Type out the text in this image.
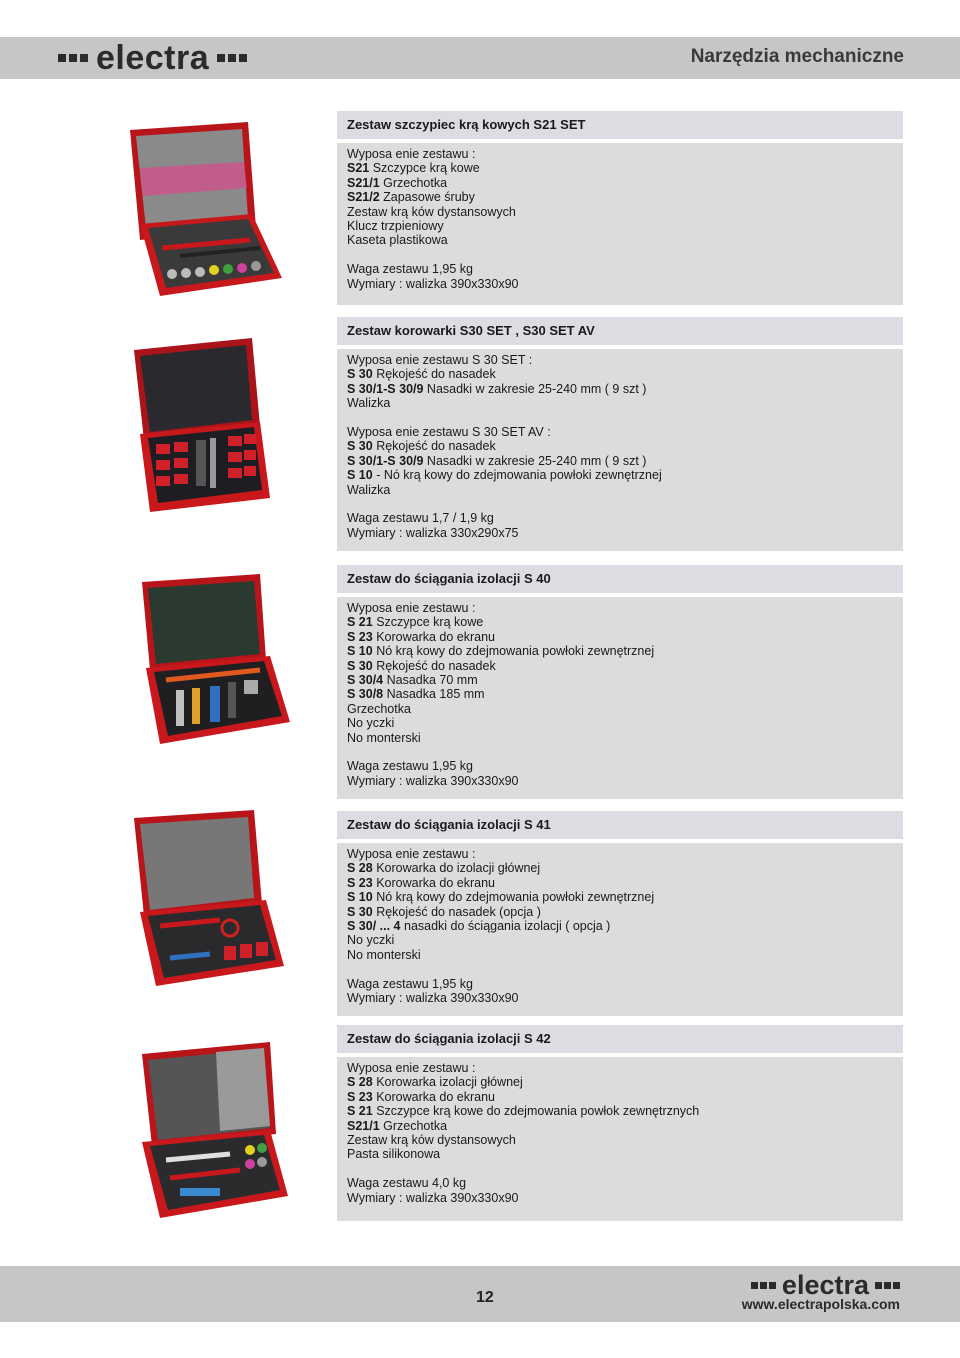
electra	Narzędzia mechaniczne
Zestaw szczypiec krą kowych S21 SET
Wyposa enie zestawu :
S21 Szczypce krą kowe
S21/1 Grzechotka
S21/2 Zapasowe śruby
Zestaw krą ków dystansowych
Klucz trzpieniowy
Kaseta plastikowa
Waga zestawu 1,95 kg
Wymiary : walizka 390x330x90
Zestaw korowarki S30 SET , S30 SET AV
Wyposa enie zestawu S 30 SET :
S 30 Rękojeść do nasadek
S 30/1-S 30/9 Nasadki w zakresie 25-240 mm ( 9 szt )
Walizka
Wyposa enie zestawu S 30 SET AV :
S 30 Rękojeść do nasadek
S 30/1-S 30/9 Nasadki w zakresie 25-240 mm ( 9 szt )
S 10 - Nó krą kowy do zdejmowania powłoki zewnętrznej
Walizka
Waga zestawu 1,7 / 1,9 kg
Wymiary : walizka 330x290x75
Zestaw do ściągania izolacji S 40
Wyposa enie zestawu :
S 21 Szczypce krą kowe
S 23 Korowarka do ekranu
S 10 Nó krą kowy do zdejmowania powłoki zewnętrznej
S 30 Rękojeść do nasadek
S 30/4 Nasadka 70 mm
S 30/8 Nasadka 185 mm
Grzechotka
No yczki
No monterski
Waga zestawu 1,95 kg
Wymiary : walizka 390x330x90
Zestaw do ściągania izolacji S 41
Wyposa enie zestawu :
S 28 Korowarka do izolacji głównej
S 23 Korowarka do ekranu
S 10 Nó krą kowy do zdejmowania powłoki zewnętrznej
S 30 Rękojeść do nasadek (opcja )
S 30/ ... 4 nasadki do ściągania izolacji ( opcja )
No yczki
No monterski
Waga zestawu 1,95 kg
Wymiary : walizka 390x330x90
Zestaw do ściągania izolacji S 42
Wyposa enie zestawu :
S 28 Korowarka izolacji głównej
S 23 Korowarka do ekranu
S 21 Szczypce krą kowe do zdejmowania powłok zewnętrznych
S21/1 Grzechotka
Zestaw krą ków dystansowych
Pasta silikonowa
Waga zestawu 4,0 kg
Wymiary : walizka 390x330x90
12	electra
www.electrapolska.com
